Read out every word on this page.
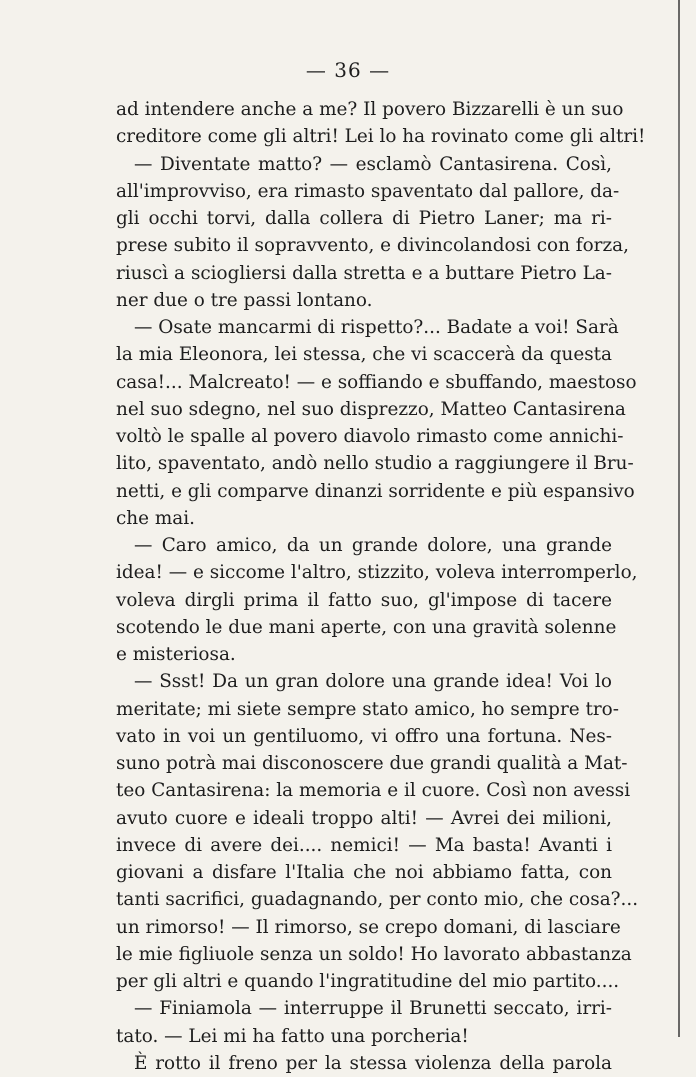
— 36 —
ad intendere anche a me? Il povero Bizzarelli è un suo
creditore come gli altri! Lei lo ha rovinato come gli altri!
— Diventate matto? — esclamò Cantasirena. Così,
all'improvviso, era rimasto spaventato dal pallore, da-
gli occhi torvi, dalla collera di Pietro Laner; ma ri-
prese subito il sopravvento, e divincolandosi con forza,
riuscì a sciogliersi dalla stretta e a buttare Pietro La-
ner due o tre passi lontano.
— Osate mancarmi di rispetto?... Badate a voi! Sarà
la mia Eleonora, lei stessa, che vi scaccerà da questa
casa!... Malcreato! — e soffiando e sbuffando, maestoso
nel suo sdegno, nel suo disprezzo, Matteo Cantasirena
voltò le spalle al povero diavolo rimasto come annichi-
lito, spaventato, andò nello studio a raggiungere il Bru-
netti, e gli comparve dinanzi sorridente e più espansivo
che mai.
— Caro amico, da un grande dolore, una grande
idea! — e siccome l'altro, stizzito, voleva interromperlo,
voleva dirgli prima il fatto suo, gl'impose di tacere
scotendo le due mani aperte, con una gravità solenne
e misteriosa.
— Ssst! Da un gran dolore una grande idea! Voi lo
meritate; mi siete sempre stato amico, ho sempre tro-
vato in voi un gentiluomo, vi offro una fortuna. Nes-
suno potrà mai disconoscere due grandi qualità a Mat-
teo Cantasirena: la memoria e il cuore. Così non avessi
avuto cuore e ideali troppo alti! — Avrei dei milioni,
invece di avere dei.... nemici! — Ma basta! Avanti i
giovani a disfare l'Italia che noi abbiamo fatta, con
tanti sacrifici, guadagnando, per conto mio, che cosa?...
un rimorso! — Il rimorso, se crepo domani, di lasciare
le mie figliuole senza un soldo! Ho lavorato abbastanza
per gli altri e quando l'ingratitudine del mio partito....
— Finiamola — interruppe il Brunetti seccato, irri-
tato. — Lei mi ha fatto una porcheria!
È rotto il freno per la stessa violenza della parola
